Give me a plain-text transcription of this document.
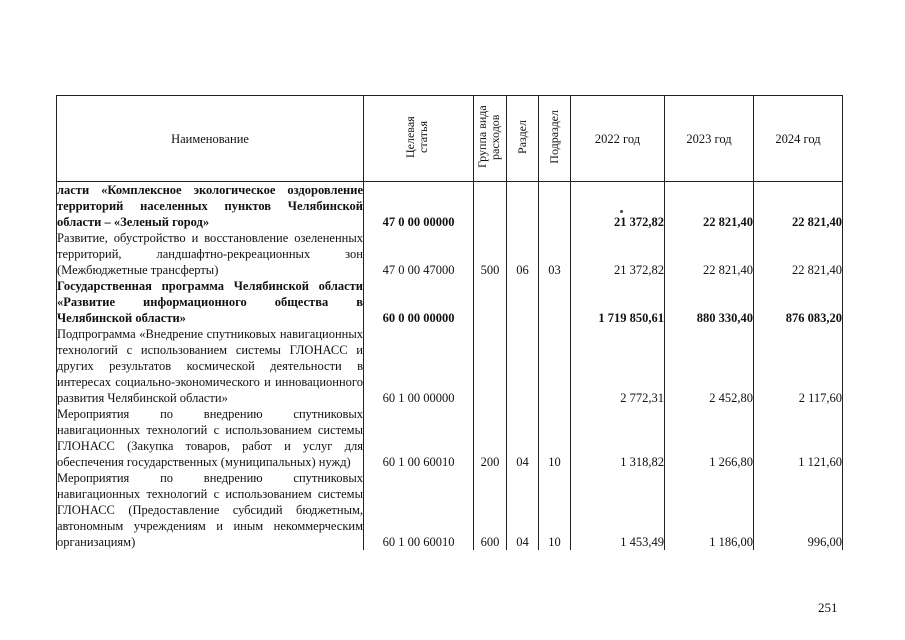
Наименование	Целевая статья	Группа вида расходов	Раздел	Подраздел	2022 год	2023 год	2024 год
ласти «Комплексное экологическое оздоровление территорий населенных пунктов Челябинской области – «Зеленый город»	47 0 00 00000				21 372,82	22 821,40	22 821,40
Развитие, обустройство и восстановление озелененных территорий, ландшафтно-рекреационных зон (Межбюджетные трансферты)	47 0 00 47000	500	06	03	21 372,82	22 821,40	22 821,40
Государственная программа Челябинской области «Развитие информационного общества в Челябинской области»	60 0 00 00000				1 719 850,61	880 330,40	876 083,20
Подпрограмма «Внедрение спутниковых навигационных технологий с использованием системы ГЛОНАСС и других результатов космической деятельности в интересах социально-экономического и инновационного развития Челябинской области»	60 1 00 00000				2 772,31	2 452,80	2 117,60
Мероприятия по внедрению спутниковых навигационных технологий с использованием системы ГЛОНАСС (Закупка товаров, работ и услуг для обеспечения государственных (муниципальных) нужд)	60 1 00 60010	200	04	10	1 318,82	1 266,80	1 121,60
Мероприятия по внедрению спутниковых навигационных технологий с использованием системы ГЛОНАСС (Предоставление субсидий бюджетным, автономным учреждениям и иным некоммерческим организациям)	60 1 00 60010	600	04	10	1 453,49	1 186,00	996,00
251
